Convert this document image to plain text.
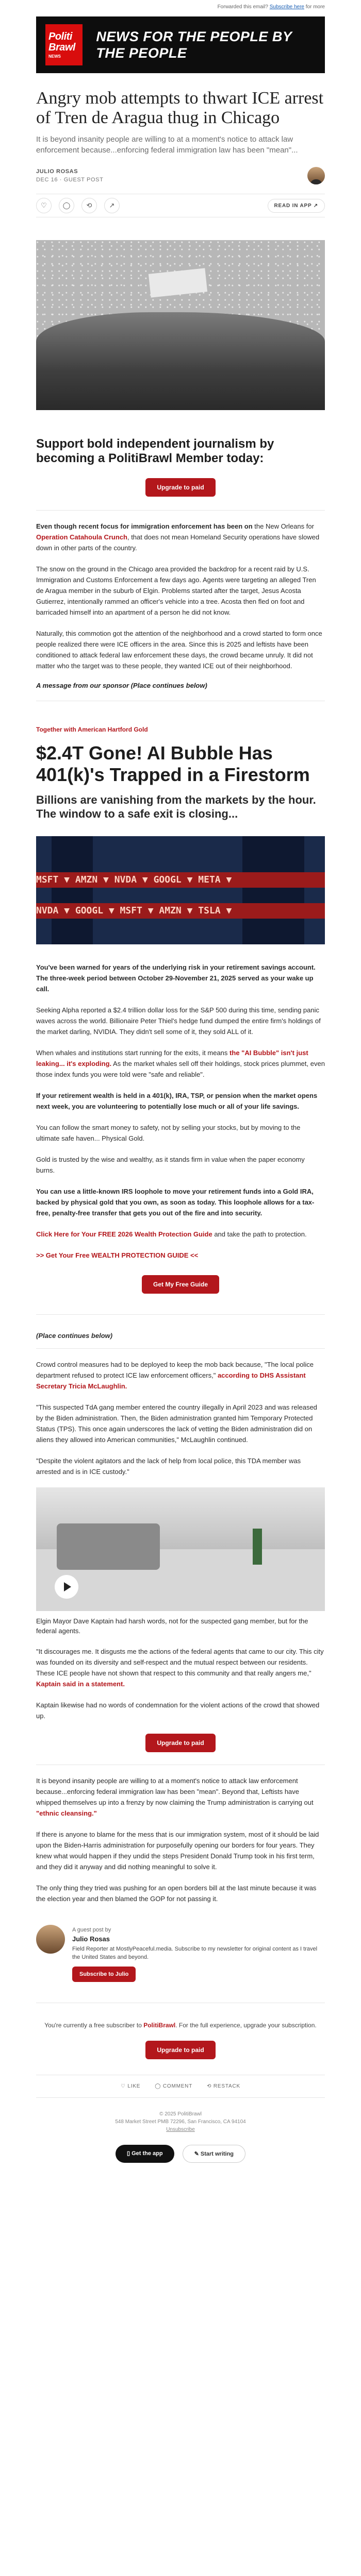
Forwarded this email? Subscribe here for more
Politi
Brawl
NEWS
NEWS FOR THE PEOPLE BY THE PEOPLE
Angry mob attempts to thwart ICE arrest of Tren de Aragua thug in Chicago
It is beyond insanity people are willing to at a moment's notice to attack law enforcement because...enforcing federal immigration law has been "mean"...
JULIO ROSAS
DEC 16 · GUEST POST
♡	◯	⟲	↗	READ IN APP ↗
Support bold independent journalism by becoming a PolitiBrawl Member today:
Upgrade to paid

Even though recent focus for immigration enforcement has been on the New Orleans for Operation Catahoula Crunch, that does not mean Homeland Security operations have slowed down in other parts of the country.

The snow on the ground in the Chicago area provided the backdrop for a recent raid by U.S. Immigration and Customs Enforcement a few days ago. Agents were targeting an alleged Tren de Aragua member in the suburb of Elgin. Problems started after the target, Jesus Acosta Gutierrez, intentionally rammed an officer's vehicle into a tree. Acosta then fled on foot and barricaded himself into an apartment of a person he did not know.

Naturally, this commotion got the attention of the neighborhood and a crowd started to form once people realized there were ICE officers in the area. Since this is 2025 and leftists have been conditioned to attack federal law enforcement these days, the crowd became unruly. It did not matter who the target was to these people, they wanted ICE out of their neighborhood.

A message from our sponsor (Place continues below)

Together with American Hartford Gold
$2.4T Gone! AI Bubble Has 401(k)'s Trapped in a Firestorm
Billions are vanishing from the markets by the hour. The window to a safe exit is closing...
MSFT ▼ AMZN ▼ NVDA ▼ GOOGL ▼ META ▼
NVDA ▼ GOOGL ▼ MSFT ▼ AMZN ▼ TSLA ▼

You've been warned for years of the underlying risk in your retirement savings account. The three-week period between October 29-November 21, 2025 served as your wake up call.

Seeking Alpha reported a $2.4 trillion dollar loss for the S&P 500 during this time, sending panic waves across the world. Billionaire Peter Thiel's hedge fund dumped the entire firm's holdings of the market darling, NVIDIA. They didn't sell some of it, they sold ALL of it.

When whales and institutions start running for the exits, it means the "AI Bubble" isn't just leaking... it's exploding. As the market whales sell off their holdings, stock prices plummet, even those index funds you were told were "safe and reliable".

If your retirement wealth is held in a 401(k), IRA, TSP, or pension when the market opens next week, you are volunteering to potentially lose much or all of your life savings.

You can follow the smart money to safety, not by selling your stocks, but by moving to the ultimate safe haven... Physical Gold.

Gold is trusted by the wise and wealthy, as it stands firm in value when the paper economy burns.

You can use a little-known IRS loophole to move your retirement funds into a Gold IRA, backed by physical gold that you own, as soon as today. This loophole allows for a tax-free, penalty-free transfer that gets you out of the fire and into security.

Click Here for Your FREE 2026 Wealth Protection Guide and take the path to protection.

>> Get Your Free WEALTH PROTECTION GUIDE <<

Get My Free Guide

(Place continues below)

Crowd control measures had to be deployed to keep the mob back because, "The local police department refused to protect ICE law enforcement officers," according to DHS Assistant Secretary Tricia McLaughlin.

"This suspected TdA gang member entered the country illegally in April 2023 and was released by the Biden administration. Then, the Biden administration granted him Temporary Protected Status (TPS). This once again underscores the lack of vetting the Biden administration did on aliens they allowed into American communities," McLaughlin continued.

"Despite the violent agitators and the lack of help from local police, this TDA member was arrested and is in ICE custody."

Elgin Mayor Dave Kaptain had harsh words, not for the suspected gang member, but for the federal agents.

"It discourages me. It disgusts me the actions of the federal agents that came to our city. This city was founded on its diversity and self-respect and the mutual respect between our residents. These ICE people have not shown that respect to this community and that really angers me," Kaptain said in a statement.

Kaptain likewise had no words of condemnation for the violent actions of the crowd that showed up.

Upgrade to paid

It is beyond insanity people are willing to at a moment's notice to attack law enforcement because...enforcing federal immigration law has been "mean". Beyond that, Leftists have whipped themselves up into a frenzy by now claiming the Trump administration is carrying out "ethnic cleansing."

If there is anyone to blame for the mess that is our immigration system, most of it should be laid upon the Biden-Harris administration for purposefully opening our borders for four years. They knew what would happen if they undid the steps President Donald Trump took in his first term, and they did it anyway and did nothing meaningful to solve it.

The only thing they tried was pushing for an open borders bill at the last minute because it was the election year and then blamed the GOP for not passing it.

A guest post by
Julio Rosas
Field Reporter at MostlyPeaceful.media. Subscribe to my newsletter for original content as I travel the United States and beyond.
Subscribe to Julio
You're currently a free subscriber to PolitiBrawl. For the full experience, upgrade your subscription.
Upgrade to paid
♡ LIKE	◯ COMMENT	⟲ RESTACK
© 2025 PolitiBrawl
548 Market Street PMB 72296, San Francisco, CA 94104
Unsubscribe
▯ Get the app	✎ Start writing
